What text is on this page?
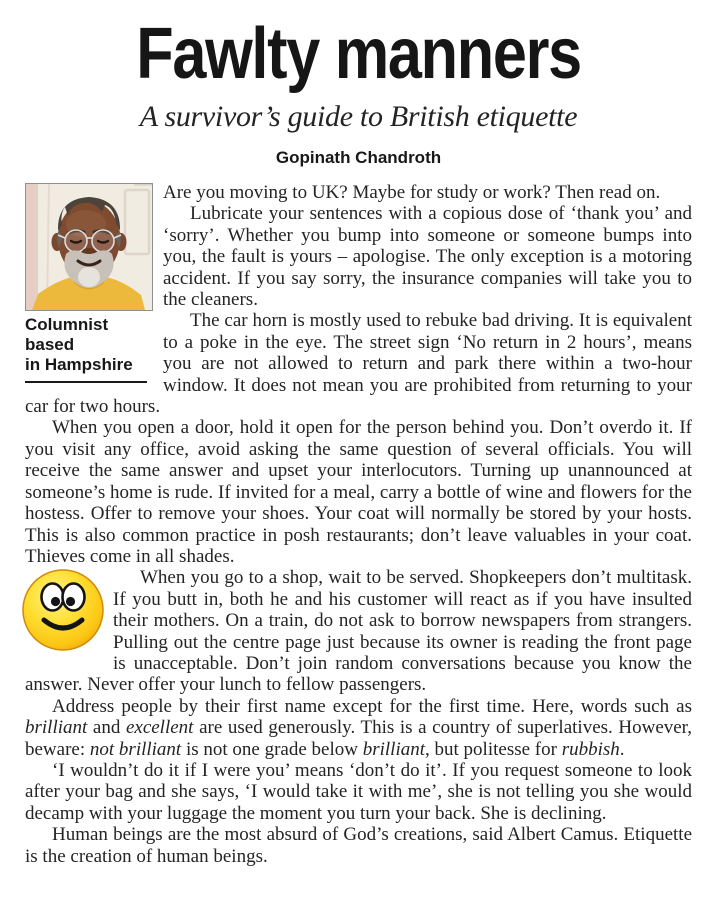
Fawlty manners
A survivor’s guide to British etiquette
Gopinath Chandroth
Columnist based
in Hampshire

Are you moving to UK? Maybe for study or work? Then read on.

Lubricate your sentences with a copious dose of ‘thank you’ and ‘sorry’. Whether you bump into someone or someone bumps into you, the fault is yours – apologise. The only exception is a motoring accident. If you say sorry, the insurance companies will take you to the cleaners.

The car horn is mostly used to rebuke bad driving. It is equivalent to a poke in the eye. The street sign ‘No return in 2 hours’, means you are not allowed to return and park there within a two-hour window. It does not mean you are prohibited from returning to your car for two hours.

When you open a door, hold it open for the person behind you. Don’t overdo it. If you visit any office, avoid asking the same question of several officials. You will receive the same answer and upset your interlocutors. Turning up unannounced at someone’s home is rude. If invited for a meal, carry a bottle of wine and flowers for the hostess. Offer to remove your shoes. Your coat will normally be stored by your hosts. This is also common practice in posh restaurants; don’t leave valuables in your coat. Thieves come in all shades.

When you go to a shop, wait to be served. Shopkeepers don’t multitask. If you butt in, both he and his customer will react as if you have insulted their mothers. On a train, do not ask to borrow newspapers from strangers. Pulling out the centre page just because its owner is reading the front page is unacceptable. Don’t join random conversations because you know the answer. Never offer your lunch to fellow passengers.

Address people by their first name except for the first time. Here, words such as brilliant and excellent are used generously. This is a country of superlatives. However, beware: not brilliant is not one grade below brilliant, but politesse for rubbish.

‘I wouldn’t do it if I were you’ means ‘don’t do it’. If you request someone to look after your bag and she says, ‘I would take it with me’, she is not telling you she would decamp with your luggage the moment you turn your back. She is declining.

Human beings are the most absurd of God’s creations, said Albert Camus. Etiquette is the creation of human beings.
